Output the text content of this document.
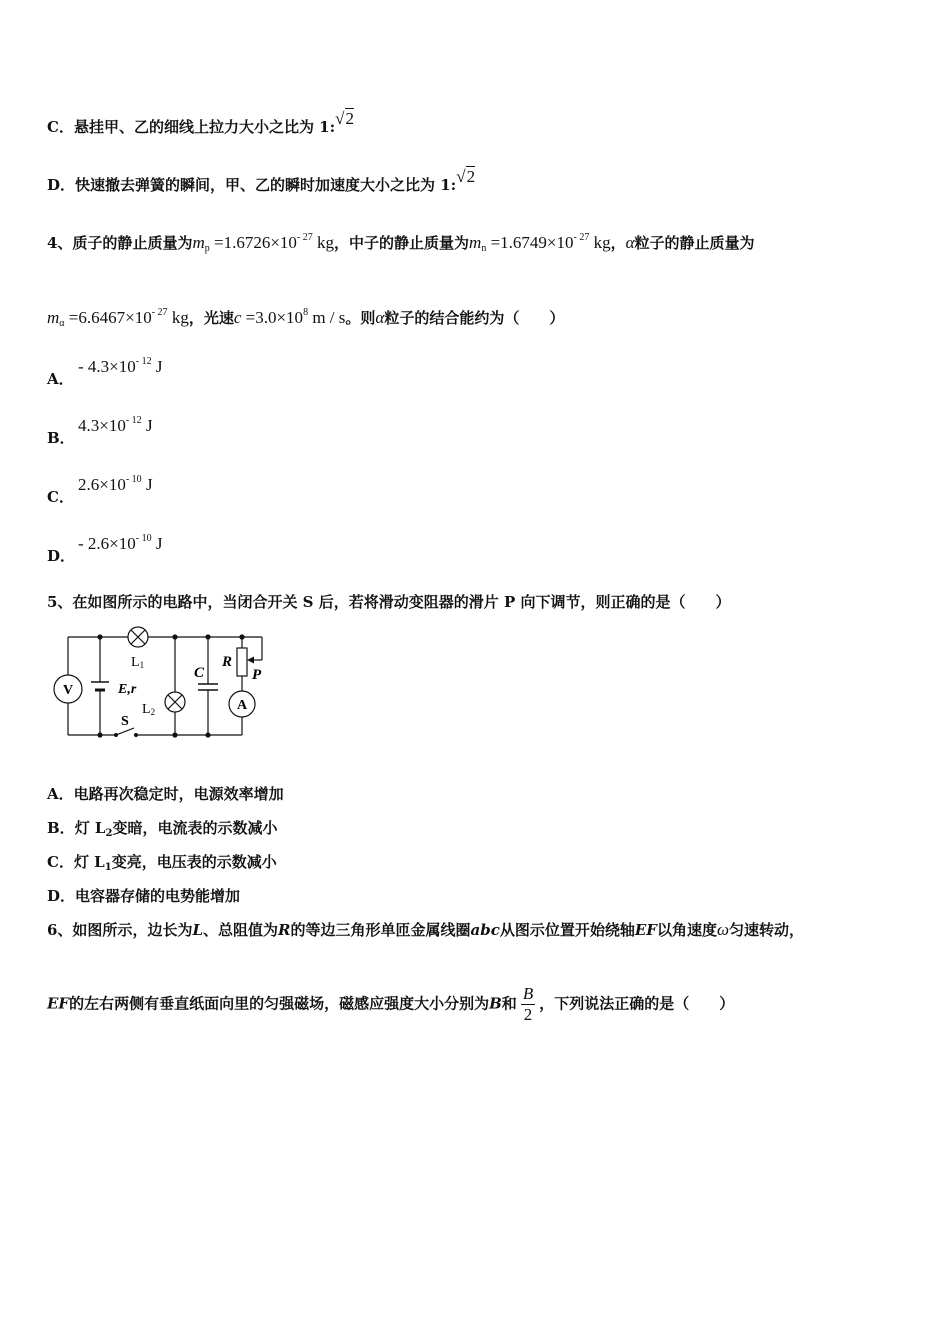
C．悬挂甲、乙的细线上拉力大小之比为 1:√2
D．快速撤去弹簧的瞬间，甲、乙的瞬时加速度大小之比为 1:√2
4、质子的静止质量为$m_p =1.6726\times 10^{- 27}$ kg，中子的静止质量为$m_n =1.6749\times 10^{- 27}$ kg，α粒子的静止质量为
$m_\alpha =6.6467\times 10^{- 27}$ kg，光速$c =3.0\times 10^8$ m / s。则α粒子的结合能约为（　　）
A．
- $4.3\times 10^{- 12}$ J
B．
$4.3\times 10^{- 12}$ J
C．
$2.6\times 10^{- 10}$ J
D．
- $2.6\times 10^{- 10}$ J
5、在如图所示的电路中，当闭合开关 S 后，若将滑动变阻器的滑片 P 向下调节，则正确的是（　　）
V	E,r
L1
L2
C
R
P
A
S
A．电路再次稳定时，电源效率增加
B．灯 $L_2$变暗，电流表的示数减小
C．灯 $L_1$变亮，电压表的示数减小
D．电容器存储的电势能增加
6、如图所示，边长为L、总阻值为R的等边三角形单匝金属线圈abc从图示位置开始绕轴EF以角速度ω匀速转动，
EF的左右两侧有垂直纸面向里的匀强磁场，磁感应强度大小分别为B和 $\frac{B}{2}$ ，下列说法正确的是（　　）
